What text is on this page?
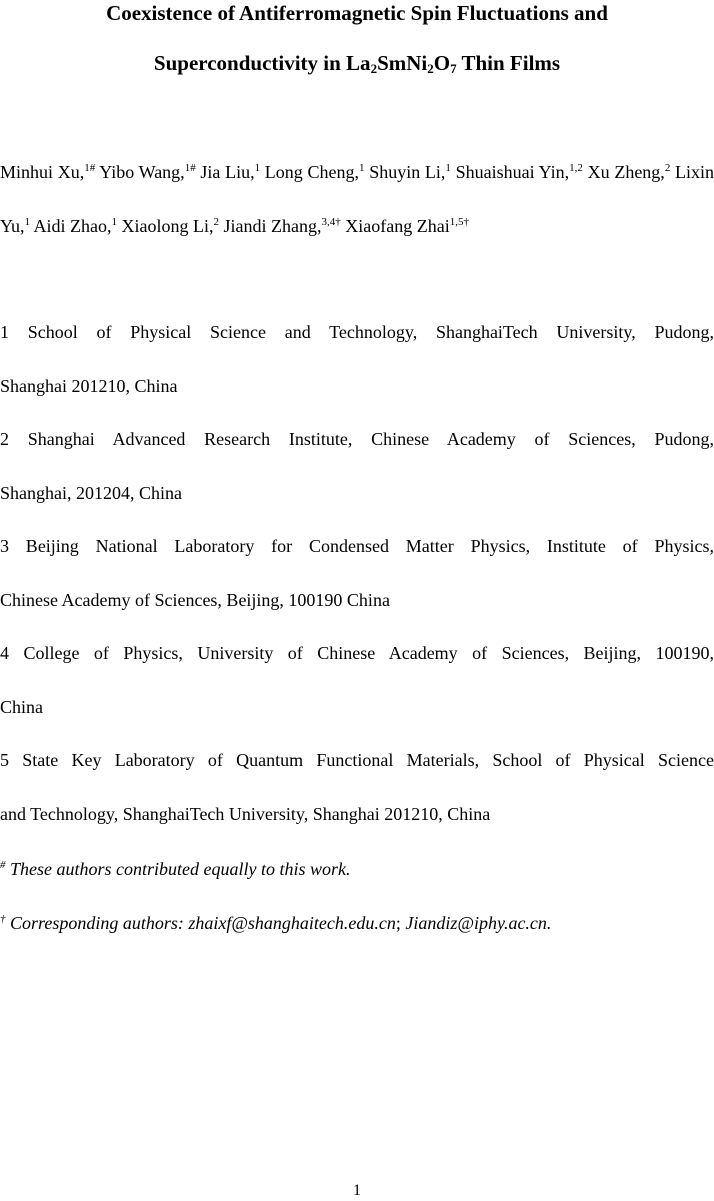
Coexistence of Antiferromagnetic Spin Fluctuations and
Superconductivity in $La_2SmNi_2O_7$ Thin Films
Minhui Xu,$^{1\#}$ Yibo Wang,$^{1\#}$ Jia Liu,$^1$ Long Cheng,$^1$ Shuyin Li,$^1$ Shuaishuai Yin,$^{1,2}$ Xu Zheng,$^2$ Lixin Yu,$^1$ Aidi Zhao,$^1$ Xiaolong Li,$^2$ Jiandi Zhang,$^{3,4\dagger}$ Xiaofang Zhai$^{1,5\dagger}$
1 School of Physical Science and Technology, ShanghaiTech University, Pudong,
Shanghai 201210, China
2 Shanghai Advanced Research Institute, Chinese Academy of Sciences, Pudong,
Shanghai, 201204, China
3 Beijing National Laboratory for Condensed Matter Physics, Institute of Physics,
Chinese Academy of Sciences, Beijing, 100190 China
4 College of Physics, University of Chinese Academy of Sciences, Beijing, 100190,
China
5 State Key Laboratory of Quantum Functional Materials, School of Physical Science
and Technology, ShanghaiTech University, Shanghai 201210, China
# These authors contributed equally to this work.
† Corresponding authors: zhaixf@shanghaitech.edu.cn; Jiandiz@iphy.ac.cn.
1
